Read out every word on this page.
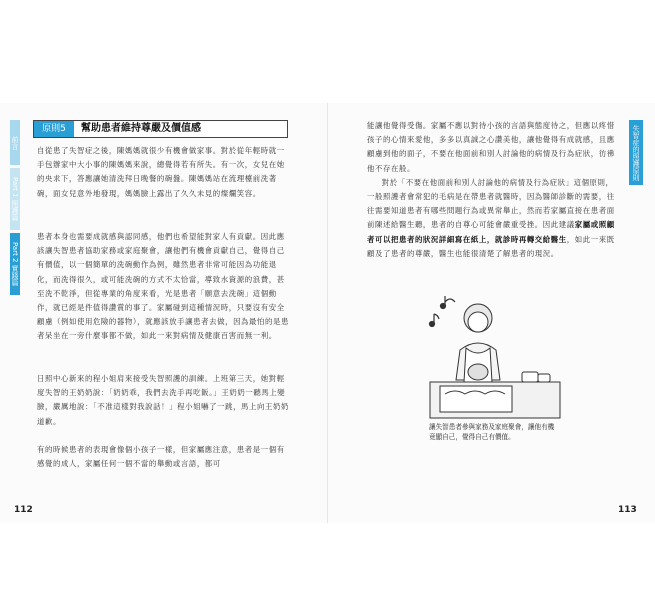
前言
Part 1 照護篇
Part 2 實踐篇
原則5	幫助患者維持尊嚴及價值感

自從患了失智症之後，陳媽媽就很少有機會做家事。對於從年輕時就一手包辦家中大小事的陳媽媽來說，總覺得若有所失。有一次，女兒在她的央求下，答應讓她清洗拜日晚餐的碗盤。陳媽媽站在流理檯前洗著碗，面女兒意外地發現，媽媽臉上露出了久久未見的燦爛笑容。

患者本身也需要成就感與認同感，他們也希望能對家人有貢獻。因此應該讓失智患者協助家務或家庭聚會，讓他們有機會貢獻自己，覺得自己有價值，以一個簡單的洗碗動作為例，雖然患者非常可能因為功能退化，而洗得很久，或可能洗碗的方式不太恰當，導致水資源的浪費，甚至洗不乾淨，但從專業的角度來看，光是患者「願意去洗碗」這個動作，就已經是件值得讚賞的事了。家屬碰到這種情況時，只要沒有安全顧慮（例如使用危險的器物），就應該放手讓患者去做，因為最怕的是患者呆坐在一旁什麼事都不做，如此一來對病情及健康百害而無一利。

日照中心新來的程小姐肩來接受失智照護的訓練。上班第三天，她對輕度失智的王奶奶說：「奶奶乖，我們去洗手再吃飯。」王奶奶一聽馬上變臉，嚴厲地說：「不准這樣對我說話！」程小姐嚇了一跳，馬上向王奶奶道歉。

有的時候患者的表現會像個小孩子一樣，但家屬應注意，患者是一個有感覺的成人，家屬任何一個不當的舉動或言語，都可

失智症的照護原則

能讓他覺得受傷。家屬不應以對待小孩的言語與態度待之，但應以疼惜孩子的心情來愛他，多多以真誠之心讚美他，讓他覺得有成就感，且應顧慮到他的面子，不要在他面前和別人討論他的病情及行為症狀，彷彿他不存在般。

對於「不要在他面前和別人討論他的病情及行為症狀」這個原則，一般照護者會常犯的毛病是在帶患者就醫時，因為醫師診斷的需要，往往需要知道患者有哪些問題行為或異常舉止，然而若家屬直接在患者面前陳述給醫生聽，患者的自尊心可能會嚴重受挫。因此建議家屬或照顧者可以把患者的狀況詳細寫在紙上，就診時再轉交給醫生，如此一來既顧及了患者的尊嚴，醫生也能很清楚了解患者的現況。

讓失智患者參與家務及家庭聚會，讓他有機竟顯自己，覺得自己有價值。
112	113
